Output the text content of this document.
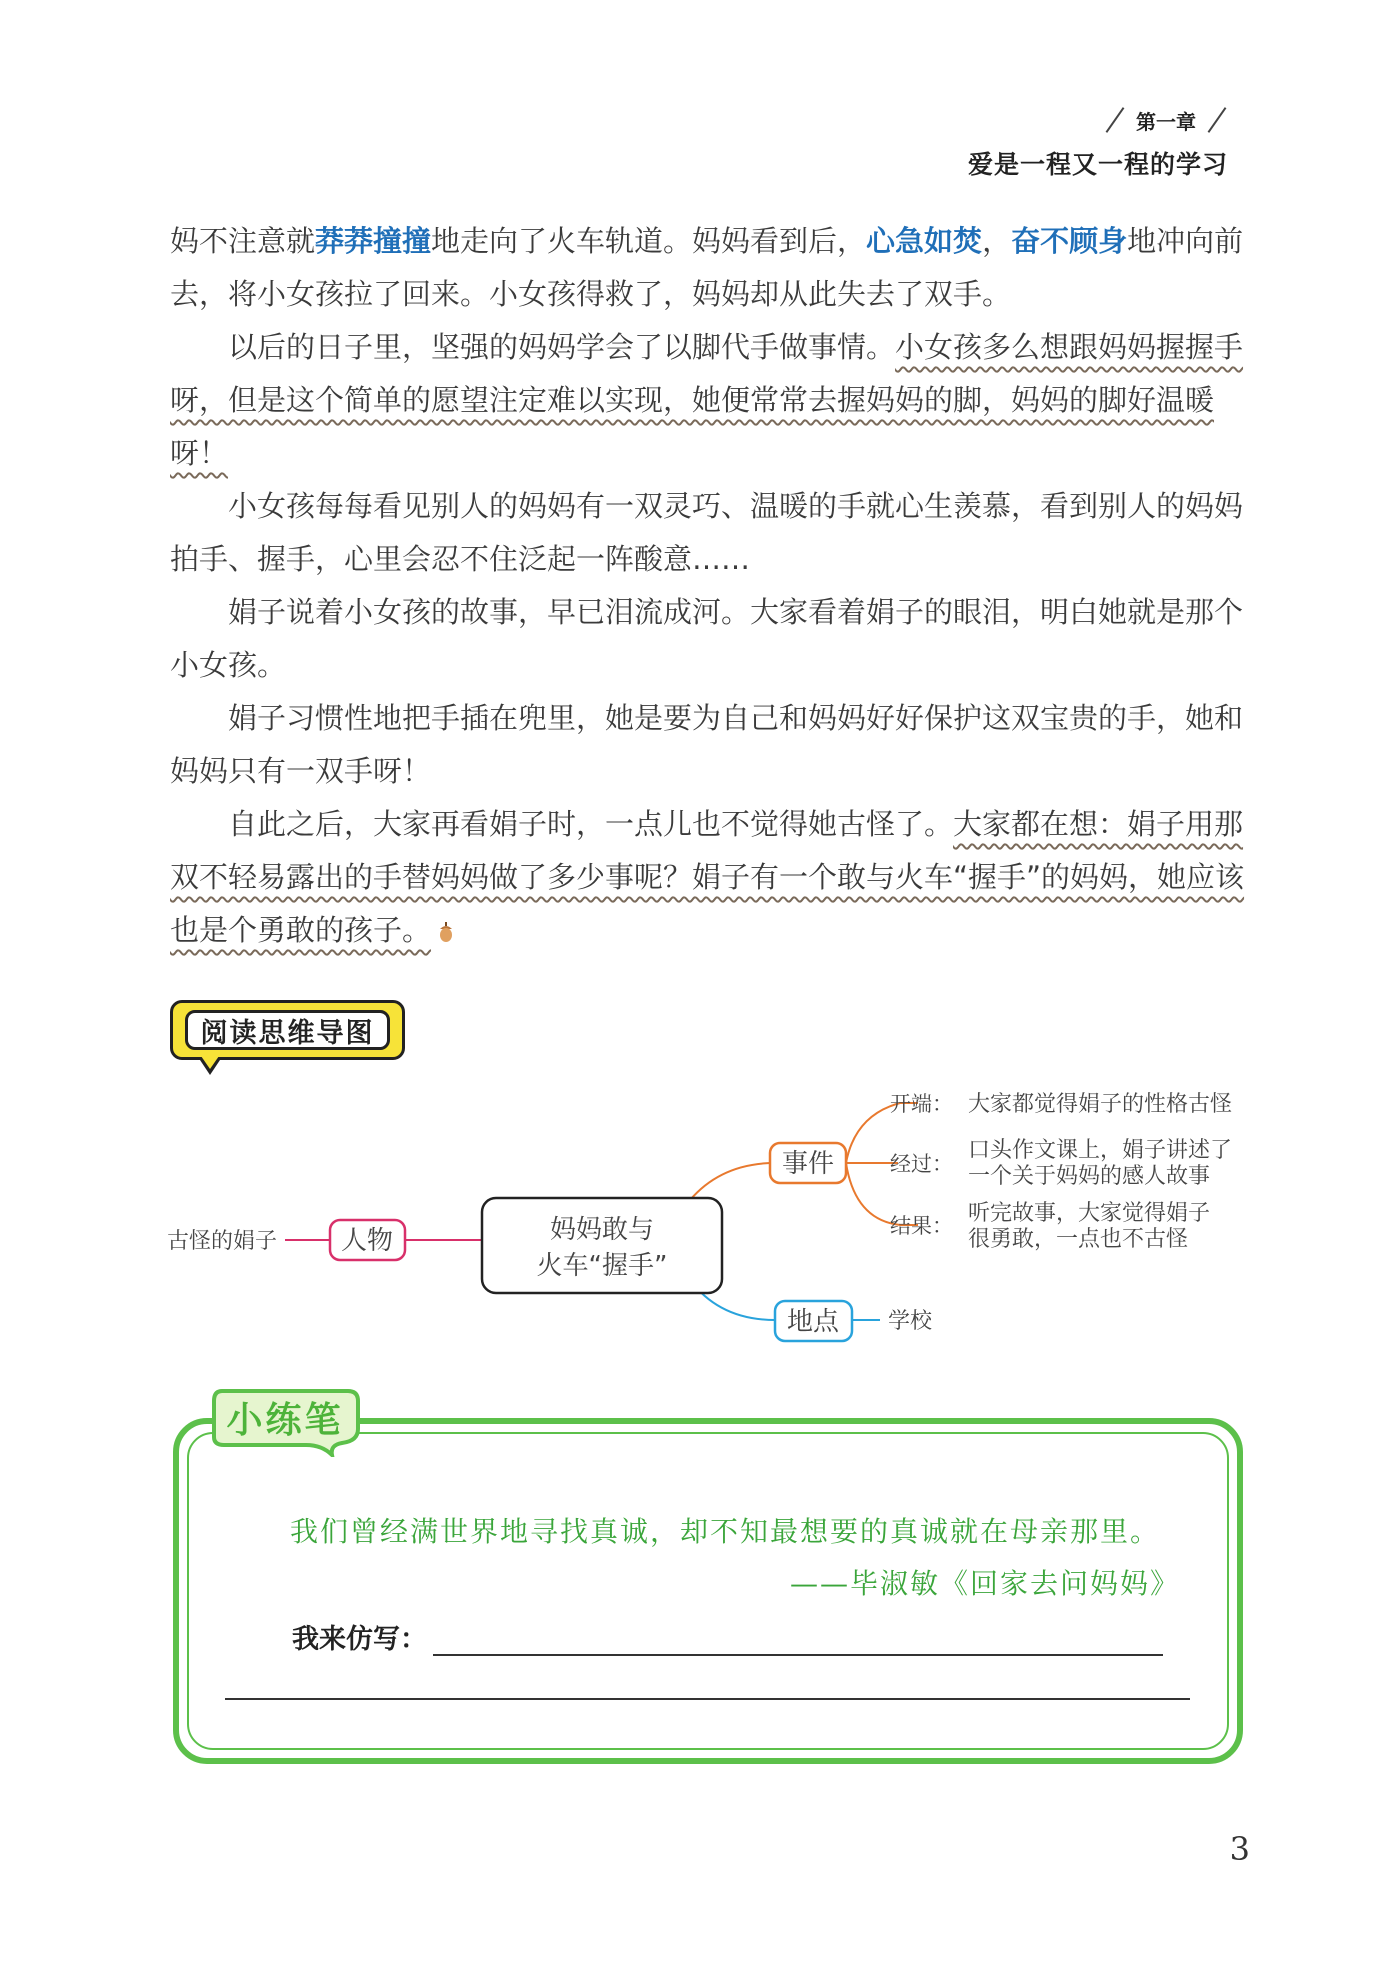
第一章
爱是一程又一程的学习

妈不注意就莽莽撞撞地走向了火车轨道。妈妈看到后，心急如焚，奋不顾身地冲向前去，将小女孩拉了回来。小女孩得救了，妈妈却从此失去了双手。

以后的日子里，坚强的妈妈学会了以脚代手做事情。小女孩多么想跟妈妈握握手呀，但是这个简单的愿望注定难以实现，她便常常去握妈妈的脚，妈妈的脚好温暖呀！

小女孩每每看见别人的妈妈有一双灵巧、温暖的手就心生羡慕，看到别人的妈妈拍手、握手，心里会忍不住泛起一阵酸意……

娟子说着小女孩的故事，早已泪流成河。大家看着娟子的眼泪，明白她就是那个小女孩。

娟子习惯性地把手插在兜里，她是要为自己和妈妈好好保护这双宝贵的手，她和妈妈只有一双手呀！

自此之后，大家再看娟子时，一点儿也不觉得她古怪了。大家都在想：娟子用那双不轻易露出的手替妈妈做了多少事呢？娟子有一个敢与火车“握手”的妈妈，她应该也是个勇敢的孩子。

阅读思维导图
妈妈敢与
火车“握手”
古怪的娟子 人物
事件
开端： 大家都觉得娟子的性格古怪
经过：
口头作文课上，娟子讲述了
一个关于妈妈的感人故事
结果： 听完故事，大家觉得娟子
很勇敢，一点也不古怪
地点 学校
小练笔
我们曾经满世界地寻找真诚，却不知最想要的真诚就在母亲那里。
——毕淑敏《回家去问妈妈》
我来仿写：
3
